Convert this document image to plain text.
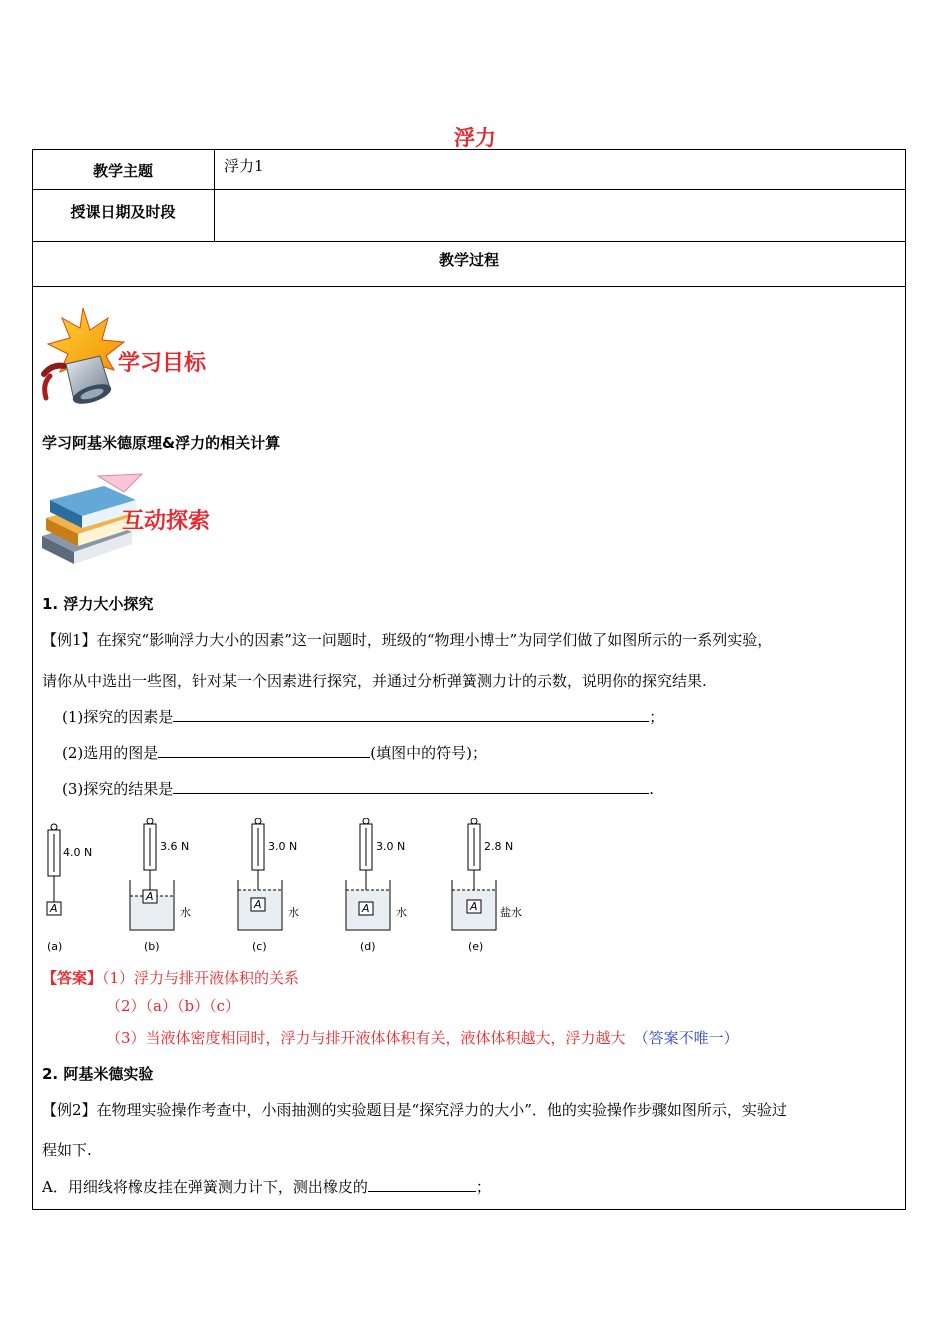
浮力
教学主题	浮力1
授课日期及时段
教学过程
学习目标
学习阿基米德原理&浮力的相关计算
互动探索
1. 浮力大小探究
【例1】在探究“影响浮力大小的因素”这一问题时，班级的“物理小博士”为同学们做了如图所示的一系列实验，
请你从中选出一些图，针对某一个因素进行探究，并通过分析弹簧测力计的示数，说明你的探究结果.
(1)探究的因素是	；
(2)选用的图是	(填图中的符号)；
(3)探究的结果是	.
4.0 N	3.6 N	3.0 N	3.0 N	2.8 N
A
A
A	A	A
水	水	水	盐水
(a)	(b)	(c)	(d)	(e)
【答案】（1）浮力与排开液体积的关系
（2）（a）（b）（c）
（3）当液体密度相同时，浮力与排开液体体积有关，液体体积越大，浮力越大 （答案不唯一）
2. 阿基米德实验
【例2】在物理实验操作考查中，小雨抽测的实验题目是“探究浮力的大小”．他的实验操作步骤如图所示，实验过
程如下.
A．用细线将橡皮挂在弹簧测力计下，测出橡皮的	；
